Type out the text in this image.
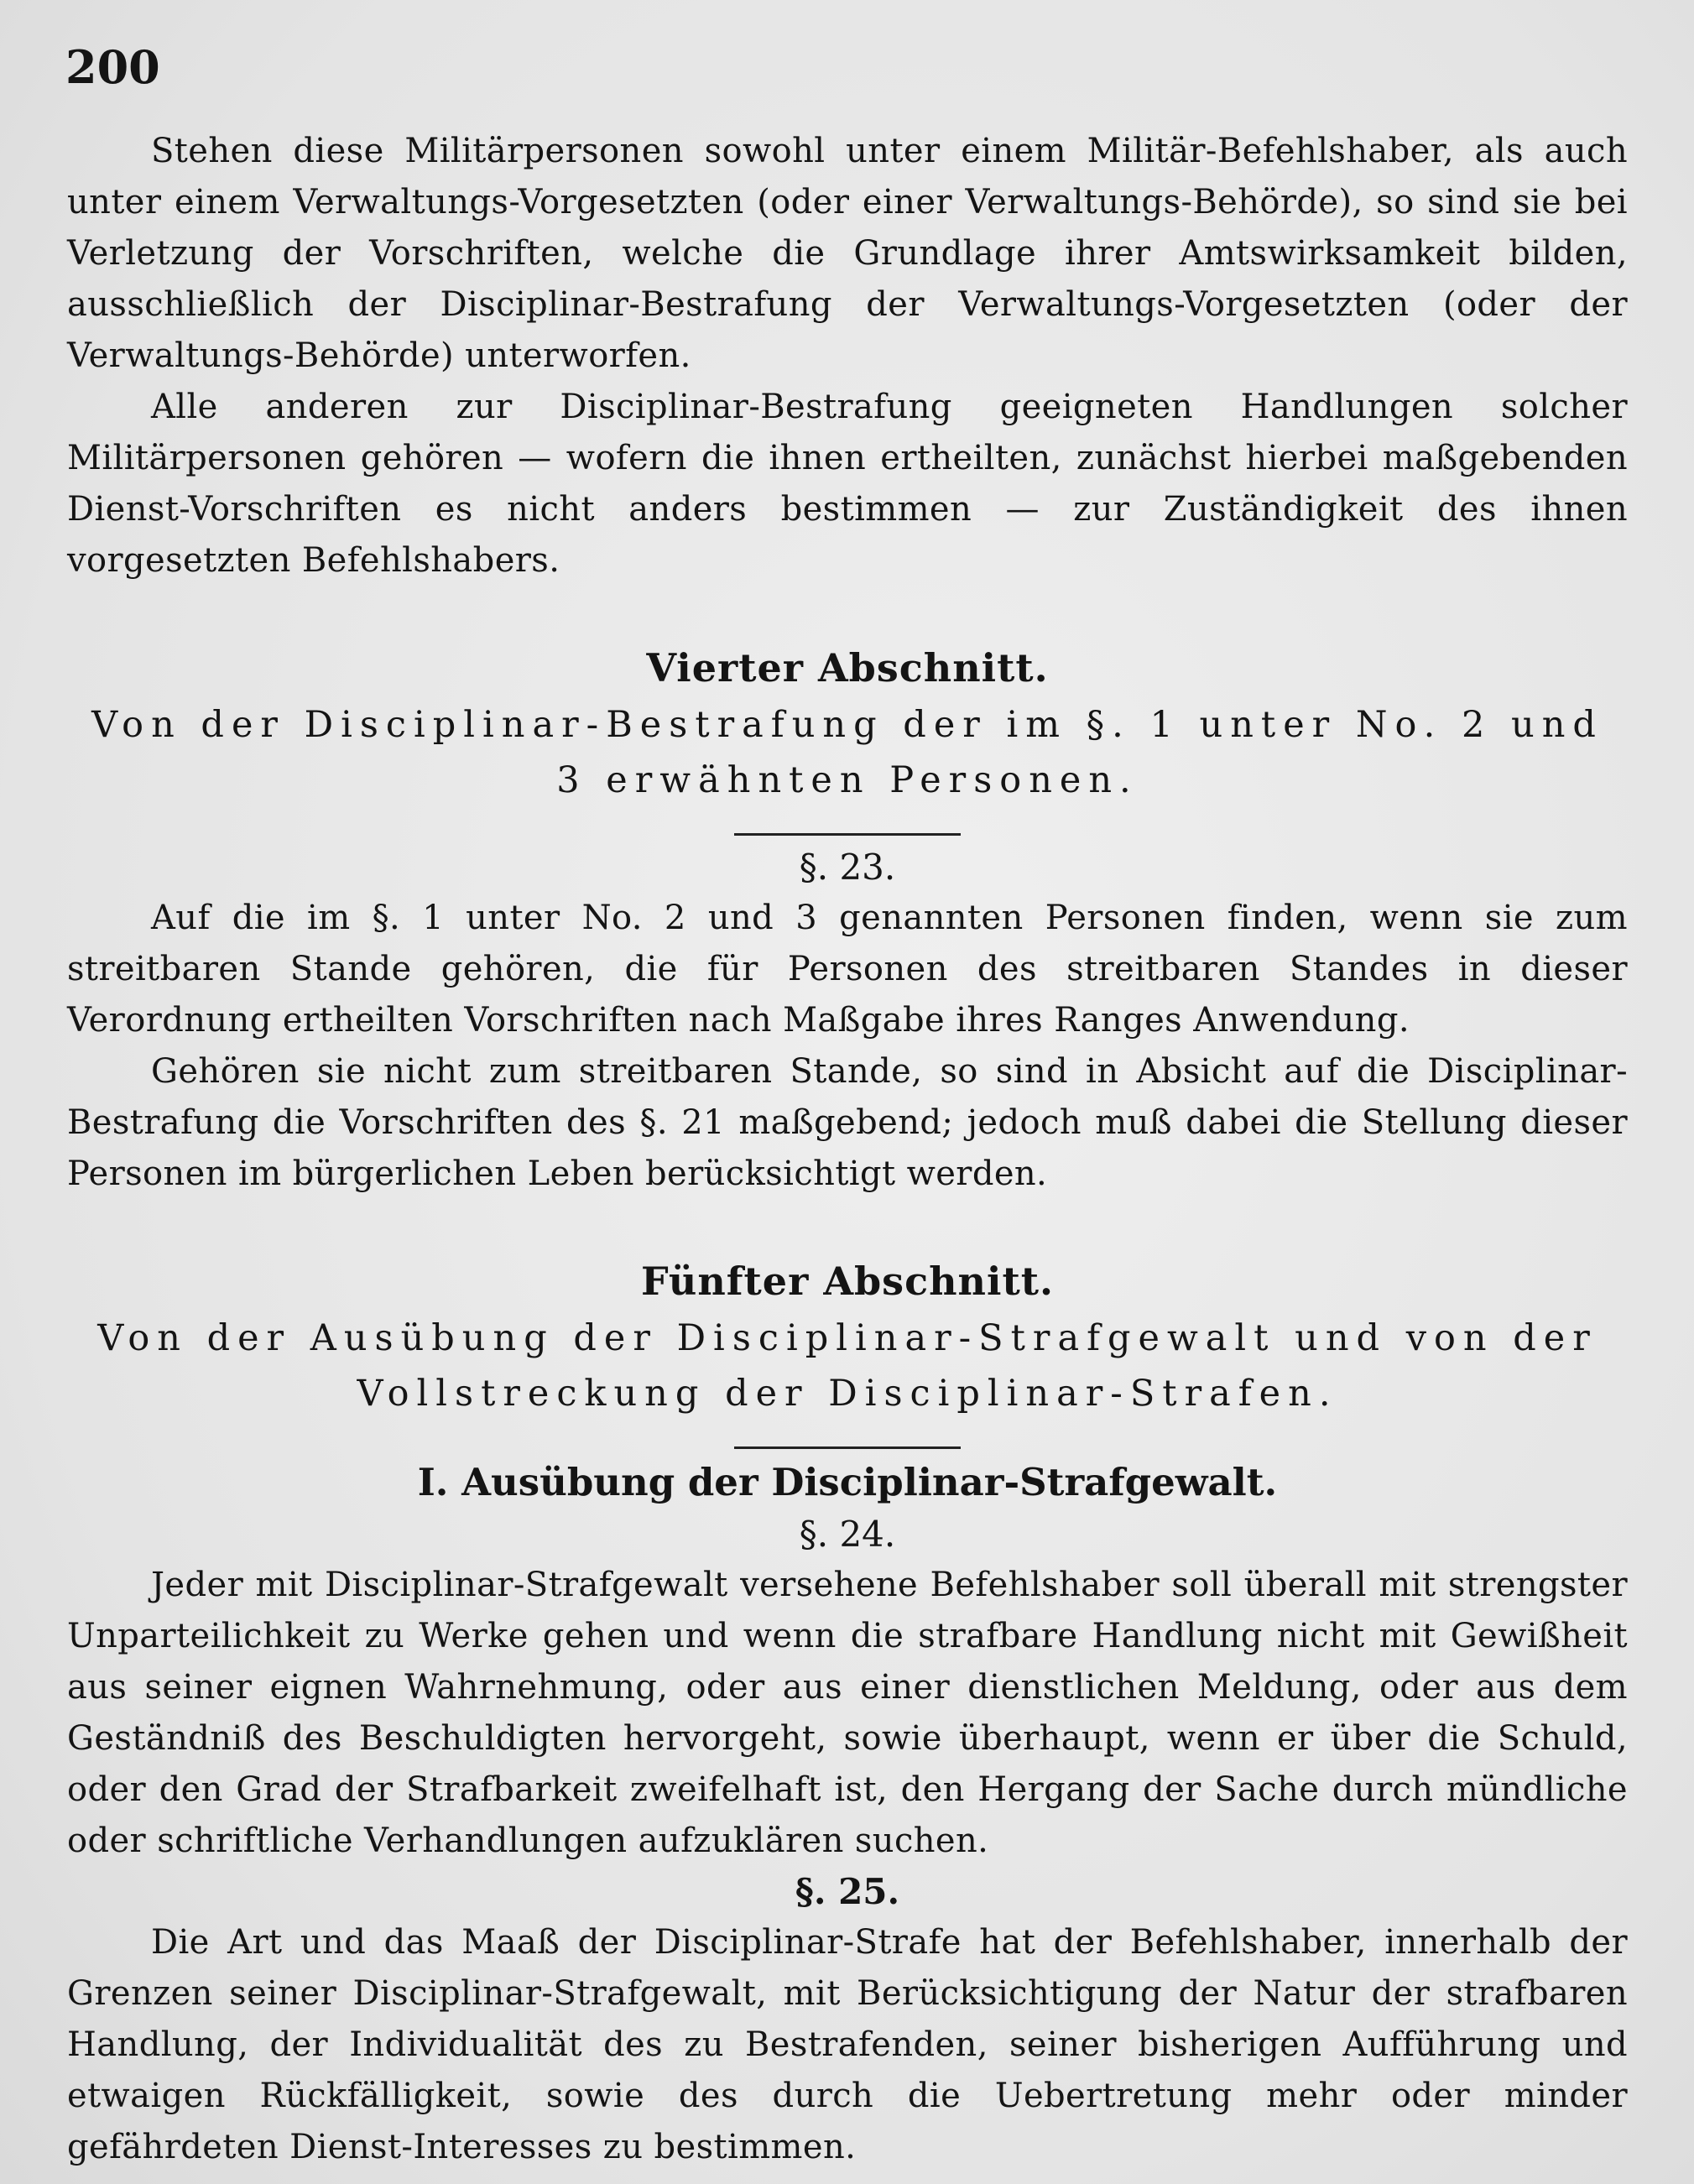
200

Stehen diese Militärpersonen sowohl unter einem Militär-Befehlshaber, als auch unter einem Verwaltungs-Vorgesetzten (oder einer Verwaltungs-Behörde), so sind sie bei Verletzung der Vorschriften, welche die Grundlage ihrer Amtswirksamkeit bilden, ausschließlich der Disciplinar-Bestrafung der Verwaltungs-Vorgesetzten (oder der Verwaltungs-Behörde) unterworfen.

Alle anderen zur Disciplinar-Bestrafung geeigneten Handlungen solcher Militärpersonen gehören — wofern die ihnen ertheilten, zunächst hierbei maßgebenden Dienst-Vorschriften es nicht anders bestimmen — zur Zuständigkeit des ihnen vorgesetzten Befehlshabers.

Vierter Abschnitt.

Von der Disciplinar-Bestrafung der im §. 1 unter No. 2 und 3 erwähnten Personen.

§. 23.

Auf die im §. 1 unter No. 2 und 3 genannten Personen finden, wenn sie zum streitbaren Stande gehören, die für Personen des streitbaren Standes in dieser Verordnung ertheilten Vorschriften nach Maßgabe ihres Ranges Anwendung.

Gehören sie nicht zum streitbaren Stande, so sind in Absicht auf die Disciplinar-Bestrafung die Vorschriften des §. 21 maßgebend; jedoch muß dabei die Stellung dieser Personen im bürgerlichen Leben berücksichtigt werden.

Fünfter Abschnitt.

Von der Ausübung der Disciplinar-Strafgewalt und von der Vollstreckung der Disciplinar-Strafen.

I. Ausübung der Disciplinar-Strafgewalt.

§. 24.

Jeder mit Disciplinar-Strafgewalt versehene Befehlshaber soll überall mit strengster Unparteilichkeit zu Werke gehen und wenn die strafbare Handlung nicht mit Gewißheit aus seiner eignen Wahrnehmung, oder aus einer dienstlichen Meldung, oder aus dem Geständniß des Beschuldigten hervorgeht, sowie überhaupt, wenn er über die Schuld, oder den Grad der Strafbarkeit zweifelhaft ist, den Hergang der Sache durch mündliche oder schriftliche Verhandlungen aufzuklären suchen.

§. 25.

Die Art und das Maaß der Disciplinar-Strafe hat der Befehlshaber, innerhalb der Grenzen seiner Disciplinar-Strafgewalt, mit Berücksichtigung der Natur der strafbaren Handlung, der Individualität des zu Bestrafenden, seiner bisherigen Aufführung und etwaigen Rückfälligkeit, sowie des durch die Uebertretung mehr oder minder gefährdeten Dienst-Interesses zu bestimmen.
